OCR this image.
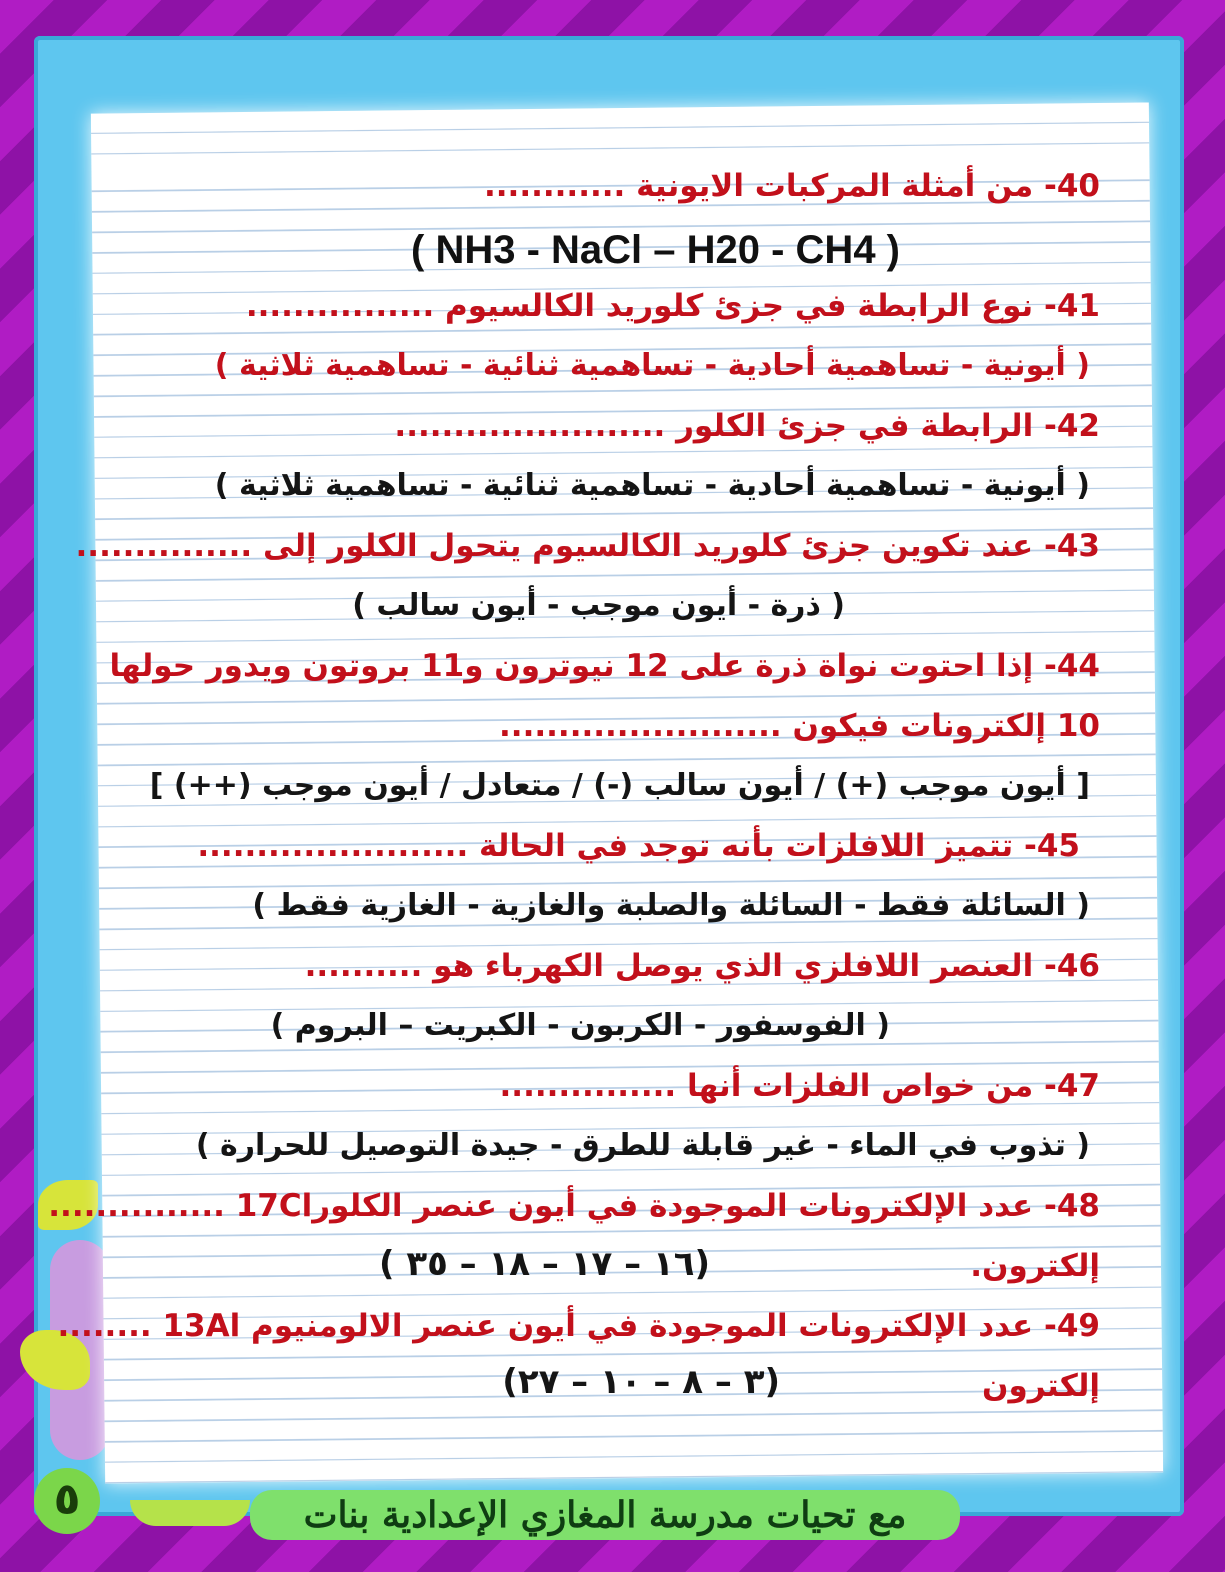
40- من أمثلة المركبات الايونية ............
( NH3 - NaCl – H20 - CH4 )
41- نوع الرابطة في جزئ كلوريد الكالسيوم ................
( أيونية - تساهمية أحادية - تساهمية ثنائية - تساهمية ثلاثية )
42- الرابطة في جزئ الكلور .......................
( أيونية - تساهمية أحادية - تساهمية ثنائية - تساهمية ثلاثية )
43- عند تكوين جزئ كلوريد الكالسيوم يتحول الكلور إلى ...............
( ذرة - أيون موجب - أيون سالب )
44- إذا احتوت نواة ذرة على 12 نيوترون و11 بروتون ويدور حولها
10 إلكترونات فيكون ........................
[ أيون موجب (+) / أيون سالب (-) / متعادل / أيون موجب (++) ]
45- تتميز اللافلزات بأنه توجد في الحالة .......................
( السائلة فقط - السائلة والصلبة والغازية - الغازية فقط )
46- العنصر اللافلزي الذي يوصل الكهرباء هو ..........
( الفوسفور - الكربون - الكبريت – البروم )
47- من خواص الفلزات أنها ...............
( تذوب في الماء - غير قابلة للطرق - جيدة التوصيل للحرارة )
48- عدد الإلكترونات الموجودة في أيون عنصر الكلور17Cl ...............
إلكترون.
( ١٦ – ١٧ – ١٨ – ٣٥)
49- عدد الإلكترونات الموجودة في أيون عنصر الالومنيوم 13Al ........
إلكترون
(٣ – ٨ – ١٠ – ٢٧)
٥	مع تحيات مدرسة المغازي الإعدادية بنات
